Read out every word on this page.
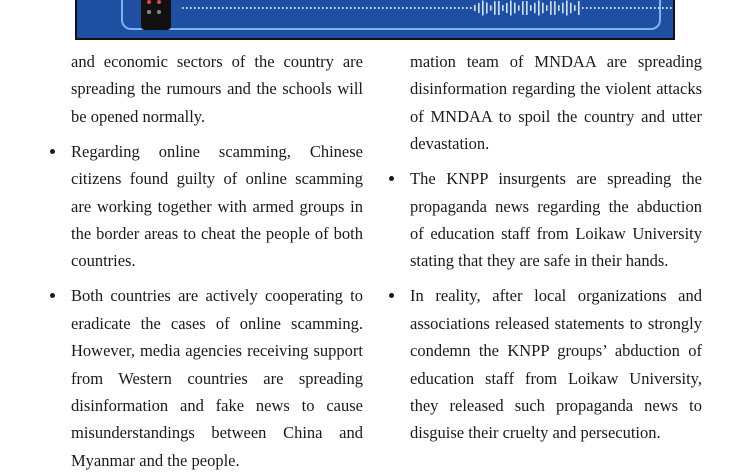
and economic sectors of the country are spreading the rumours and the schools will be opened normally.

Regarding online scamming, Chinese citizens found guilty of online scamming are working together with armed groups in the border areas to cheat the people of both countries.

Both countries are actively cooperating to eradicate the cases of online scamming. However, media agencies receiving support from Western countries are spreading disinformation and fake news to cause misunderstandings between China and Myanmar and the people.

mation team of MNDAA are spreading disinformation regarding the violent attacks of MNDAA to spoil the country and utter devastation.

The KNPP insurgents are spreading the propaganda news regarding the abduction of education staff from Loikaw University stating that they are safe in their hands.

In reality, after local organizations and associations released statements to strongly condemn the KNPP groups’ abduction of education staff from Loikaw University, they released such propaganda news to disguise their cruelty and persecution.
